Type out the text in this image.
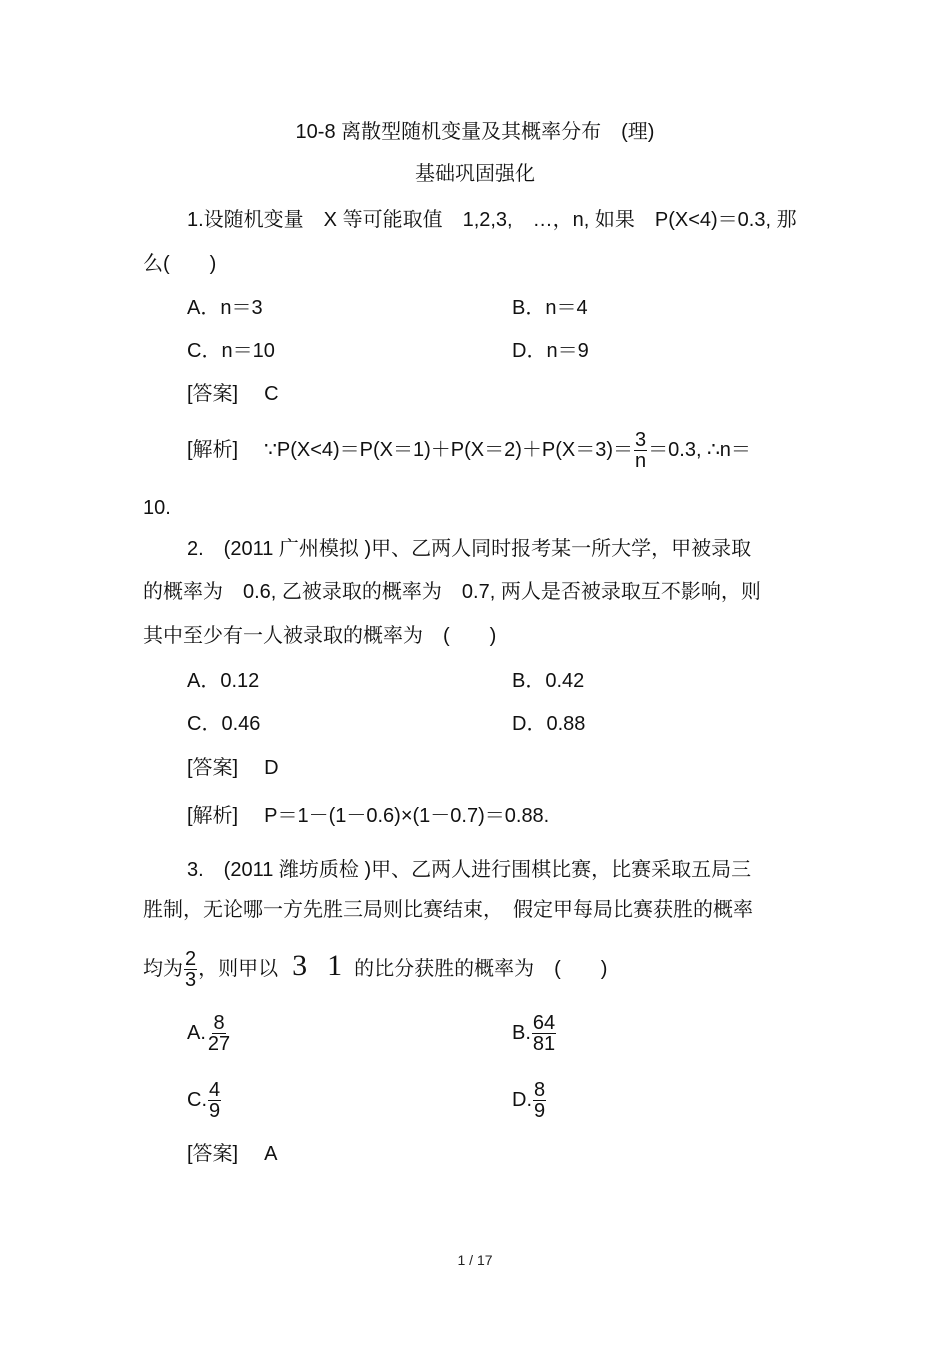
10-8 离散型随机变量及其概率分布　(理)
基础巩固强化
1.设随机变量　X 等可能取值　1,2,3,　…，n, 如果　P(X<4)＝0.3, 那
么(　　)
A．n＝3	B．n＝4
C．n＝10	D．n＝9
[答案] C
[解析] ∵P(X<4)＝P(X＝1)＋P(X＝2)＋P(X＝3)＝ $\frac{3}{n} =0.3$, ∴n＝
10.
2.　(2011 广州模拟 )甲、乙两人同时报考某一所大学，甲被录取
的概率为　0.6, 乙被录取的概率为　0.7, 两人是否被录取互不影响，则
其中至少有一人被录取的概率为　(　　)
A．0.12	B．0.42
C．0.46	D．0.88
[答案] D
[解析] P＝1－(1－0.6)×(1－0.7)＝0.88.
3.　(2011 潍坊质检 )甲、乙两人进行围棋比赛，比赛采取五局三
胜制，无论哪一方先胜三局则比赛结束，　假定甲每局比赛获胜的概率
均为 $\frac{2}{3}$ ，则甲以 3 1 的比分获胜的概率为　(　　)
A. $\frac{8}{27}$	B. $\frac{64}{81}$
C. $\frac{4}{9}$	D. $\frac{8}{9}$
[答案] A
1 / 17
